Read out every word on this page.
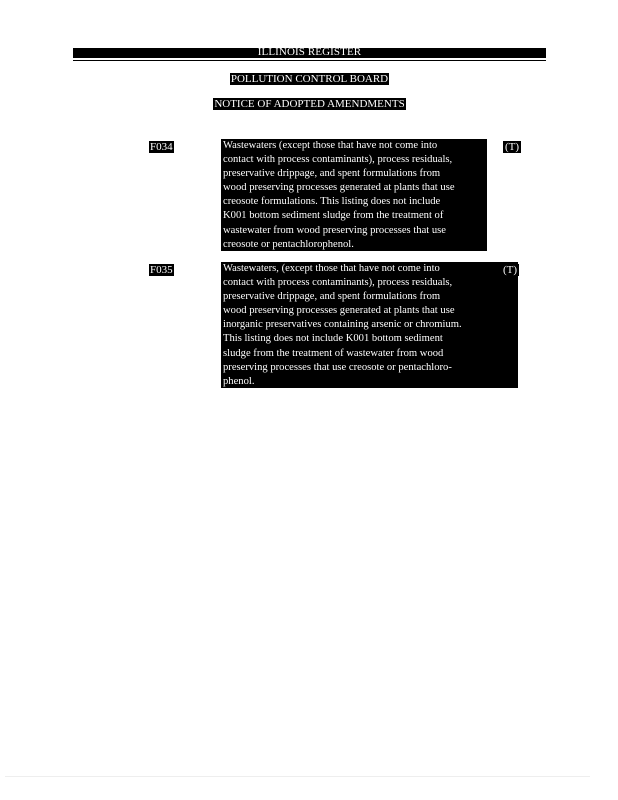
ILLINOIS REGISTER
POLLUTION CONTROL BOARD
NOTICE OF ADOPTED AMENDMENTS
F034	Wastewaters (except those that have not come into
contact with process contaminants), process residuals,
preservative drippage, and spent formulations from
wood preserving processes generated at plants that use
creosote formulations. This listing does not include
K001 bottom sediment sludge from the treatment of
wastewater from wood preserving processes that use
creosote or pentachlorophenol.
(T)
F035	Wastewaters, (except those that have not come into
contact with process contaminants), process residuals,
preservative drippage, and spent formulations from
wood preserving processes generated at plants that use
inorganic preservatives containing arsenic or chromium.
This listing does not include K001 bottom sediment
sludge from the treatment of wastewater from wood
preserving processes that use creosote or pentachloro-
phenol.
(T)
